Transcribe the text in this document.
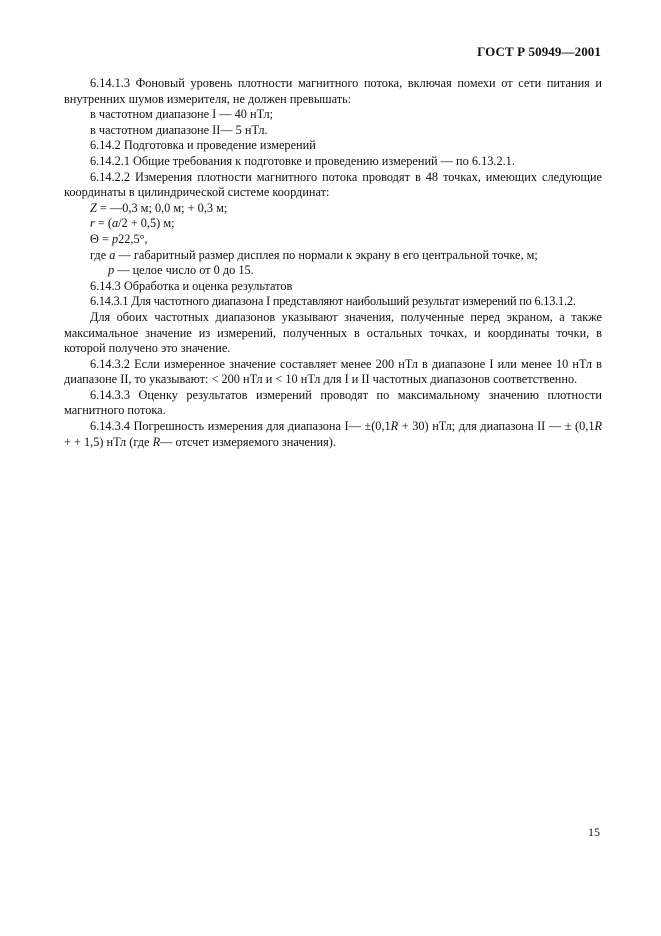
ГОСТ Р 50949—2001

6.14.1.3 Фоновый уровень плотности магнитного потока, включая помехи от сети питания и

внутренних шумов измерителя, не должен превышать:

в частотном диапазоне I — 40 нТл;

в частотном диапазоне II— 5 нТл.

6.14.2 Подготовка и проведение измерений

6.14.2.1 Общие требования к подготовке и проведению измерений — по 6.13.2.1.

6.14.2.2 Измерения плотности магнитного потока проводят в 48 точках, имеющих следующие

координаты в цилиндрической системе координат:

Z = —0,3 м; 0,0 м; + 0,3 м;

r = (a/2 + 0,5) м;

Θ = p22,5°,

где a — габаритный размер дисплея по нормали к экрану в его центральной точке, м;

p — целое число от 0 до 15.

6.14.3 Обработка и оценка результатов

6.14.3.1 Для частотного диапазона I представляют наибольший результат измерений по 6.13.1.2.

Для обоих частотных диапазонов указывают значения, полученные перед экраном, а также максимальное значение из измерений, полученных в остальных точках, и координаты точки, в которой получено это значение.

6.14.3.2 Если измеренное значение составляет менее 200 нТл в диапазоне I или менее 10 нТл в диапазоне II, то указывают: < 200 нТл и < 10 нТл для I и II частотных диапазонов соответственно.

6.14.3.3 Оценку результатов измерений проводят по максимальному значению плотности магнитного потока.

6.14.3.4 Погрешность измерения для диапазона I— ±(0,1R + 30) нТл; для диапазона II — ± (0,1R + + 1,5) нТл (где R— отсчет измеряемого значения).

15
